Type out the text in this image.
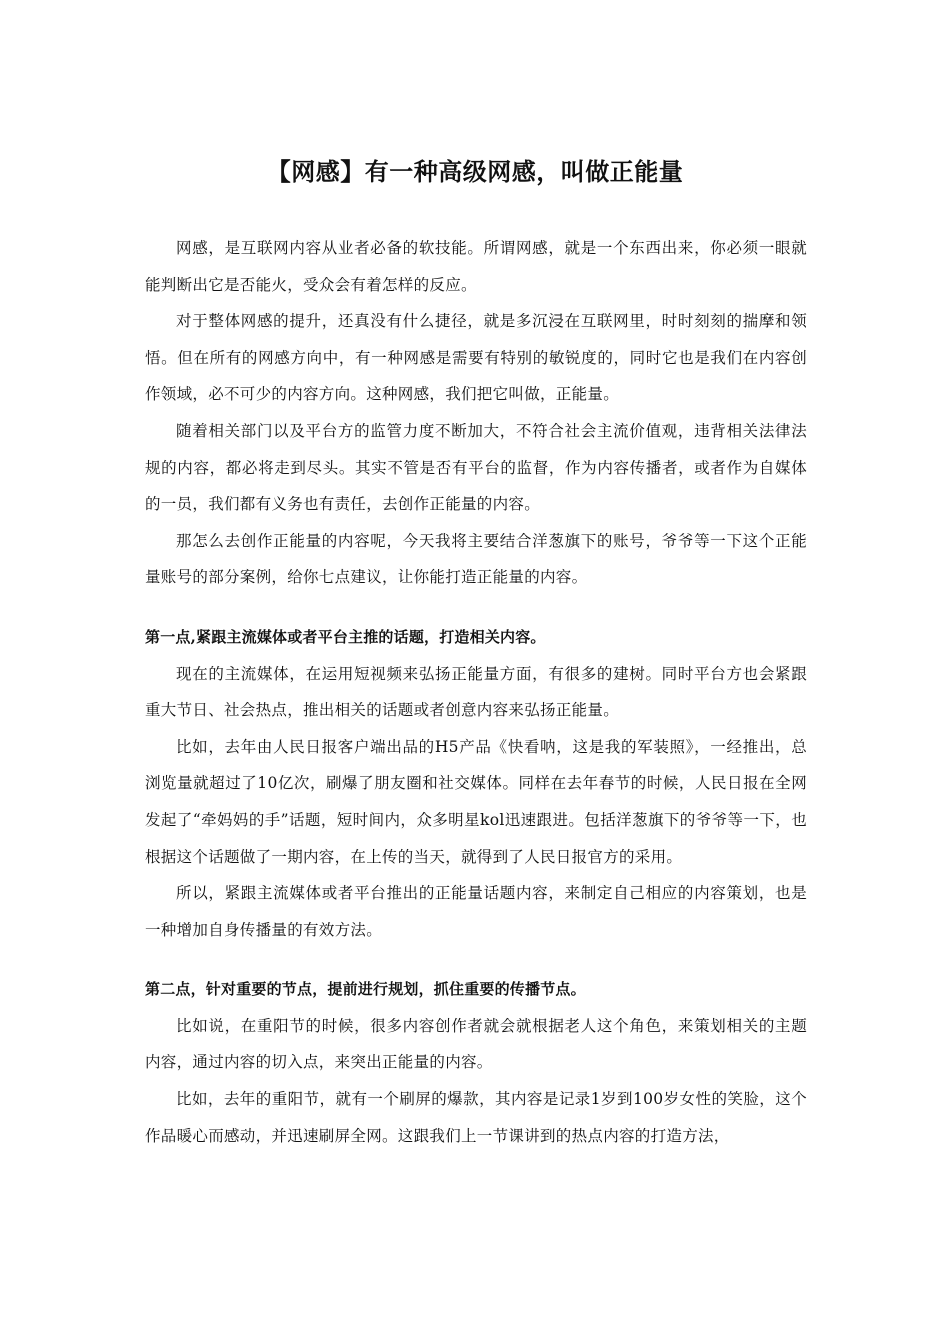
【网感】有一种高级网感，叫做正能量

网感，是互联网内容从业者必备的软技能。所谓网感，就是一个东西出来，你必须一眼就能判断出它是否能火，受众会有着怎样的反应。

对于整体网感的提升，还真没有什么捷径，就是多沉浸在互联网里，时时刻刻的揣摩和领悟。但在所有的网感方向中，有一种网感是需要有特别的敏锐度的，同时它也是我们在内容创作领域，必不可少的内容方向。这种网感，我们把它叫做，正能量。

随着相关部门以及平台方的监管力度不断加大，不符合社会主流价值观，违背相关法律法规的内容，都必将走到尽头。其实不管是否有平台的监督，作为内容传播者，或者作为自媒体的一员，我们都有义务也有责任，去创作正能量的内容。

那怎么去创作正能量的内容呢，今天我将主要结合洋葱旗下的账号，爷爷等一下这个正能量账号的部分案例，给你七点建议，让你能打造正能量的内容。

第一点,紧跟主流媒体或者平台主推的话题，打造相关内容。

现在的主流媒体，在运用短视频来弘扬正能量方面，有很多的建树。同时平台方也会紧跟重大节日、社会热点，推出相关的话题或者创意内容来弘扬正能量。

比如，去年由人民日报客户端出品的H5产品《快看呐，这是我的军装照》，一经推出，总浏览量就超过了10亿次，刷爆了朋友圈和社交媒体。同样在去年春节的时候，人民日报在全网发起了“牵妈妈的手”话题，短时间内，众多明星kol迅速跟进。包括洋葱旗下的爷爷等一下，也根据这个话题做了一期内容，在上传的当天，就得到了人民日报官方的采用。

所以，紧跟主流媒体或者平台推出的正能量话题内容，来制定自己相应的内容策划，也是一种增加自身传播量的有效方法。

第二点，针对重要的节点，提前进行规划，抓住重要的传播节点。

比如说，在重阳节的时候，很多内容创作者就会就根据老人这个角色，来策划相关的主题内容，通过内容的切入点，来突出正能量的内容。

比如，去年的重阳节，就有一个刷屏的爆款，其内容是记录1岁到100岁女性的笑脸，这个作品暖心而感动，并迅速刷屏全网。这跟我们上一节课讲到的热点内容的打造方法，
